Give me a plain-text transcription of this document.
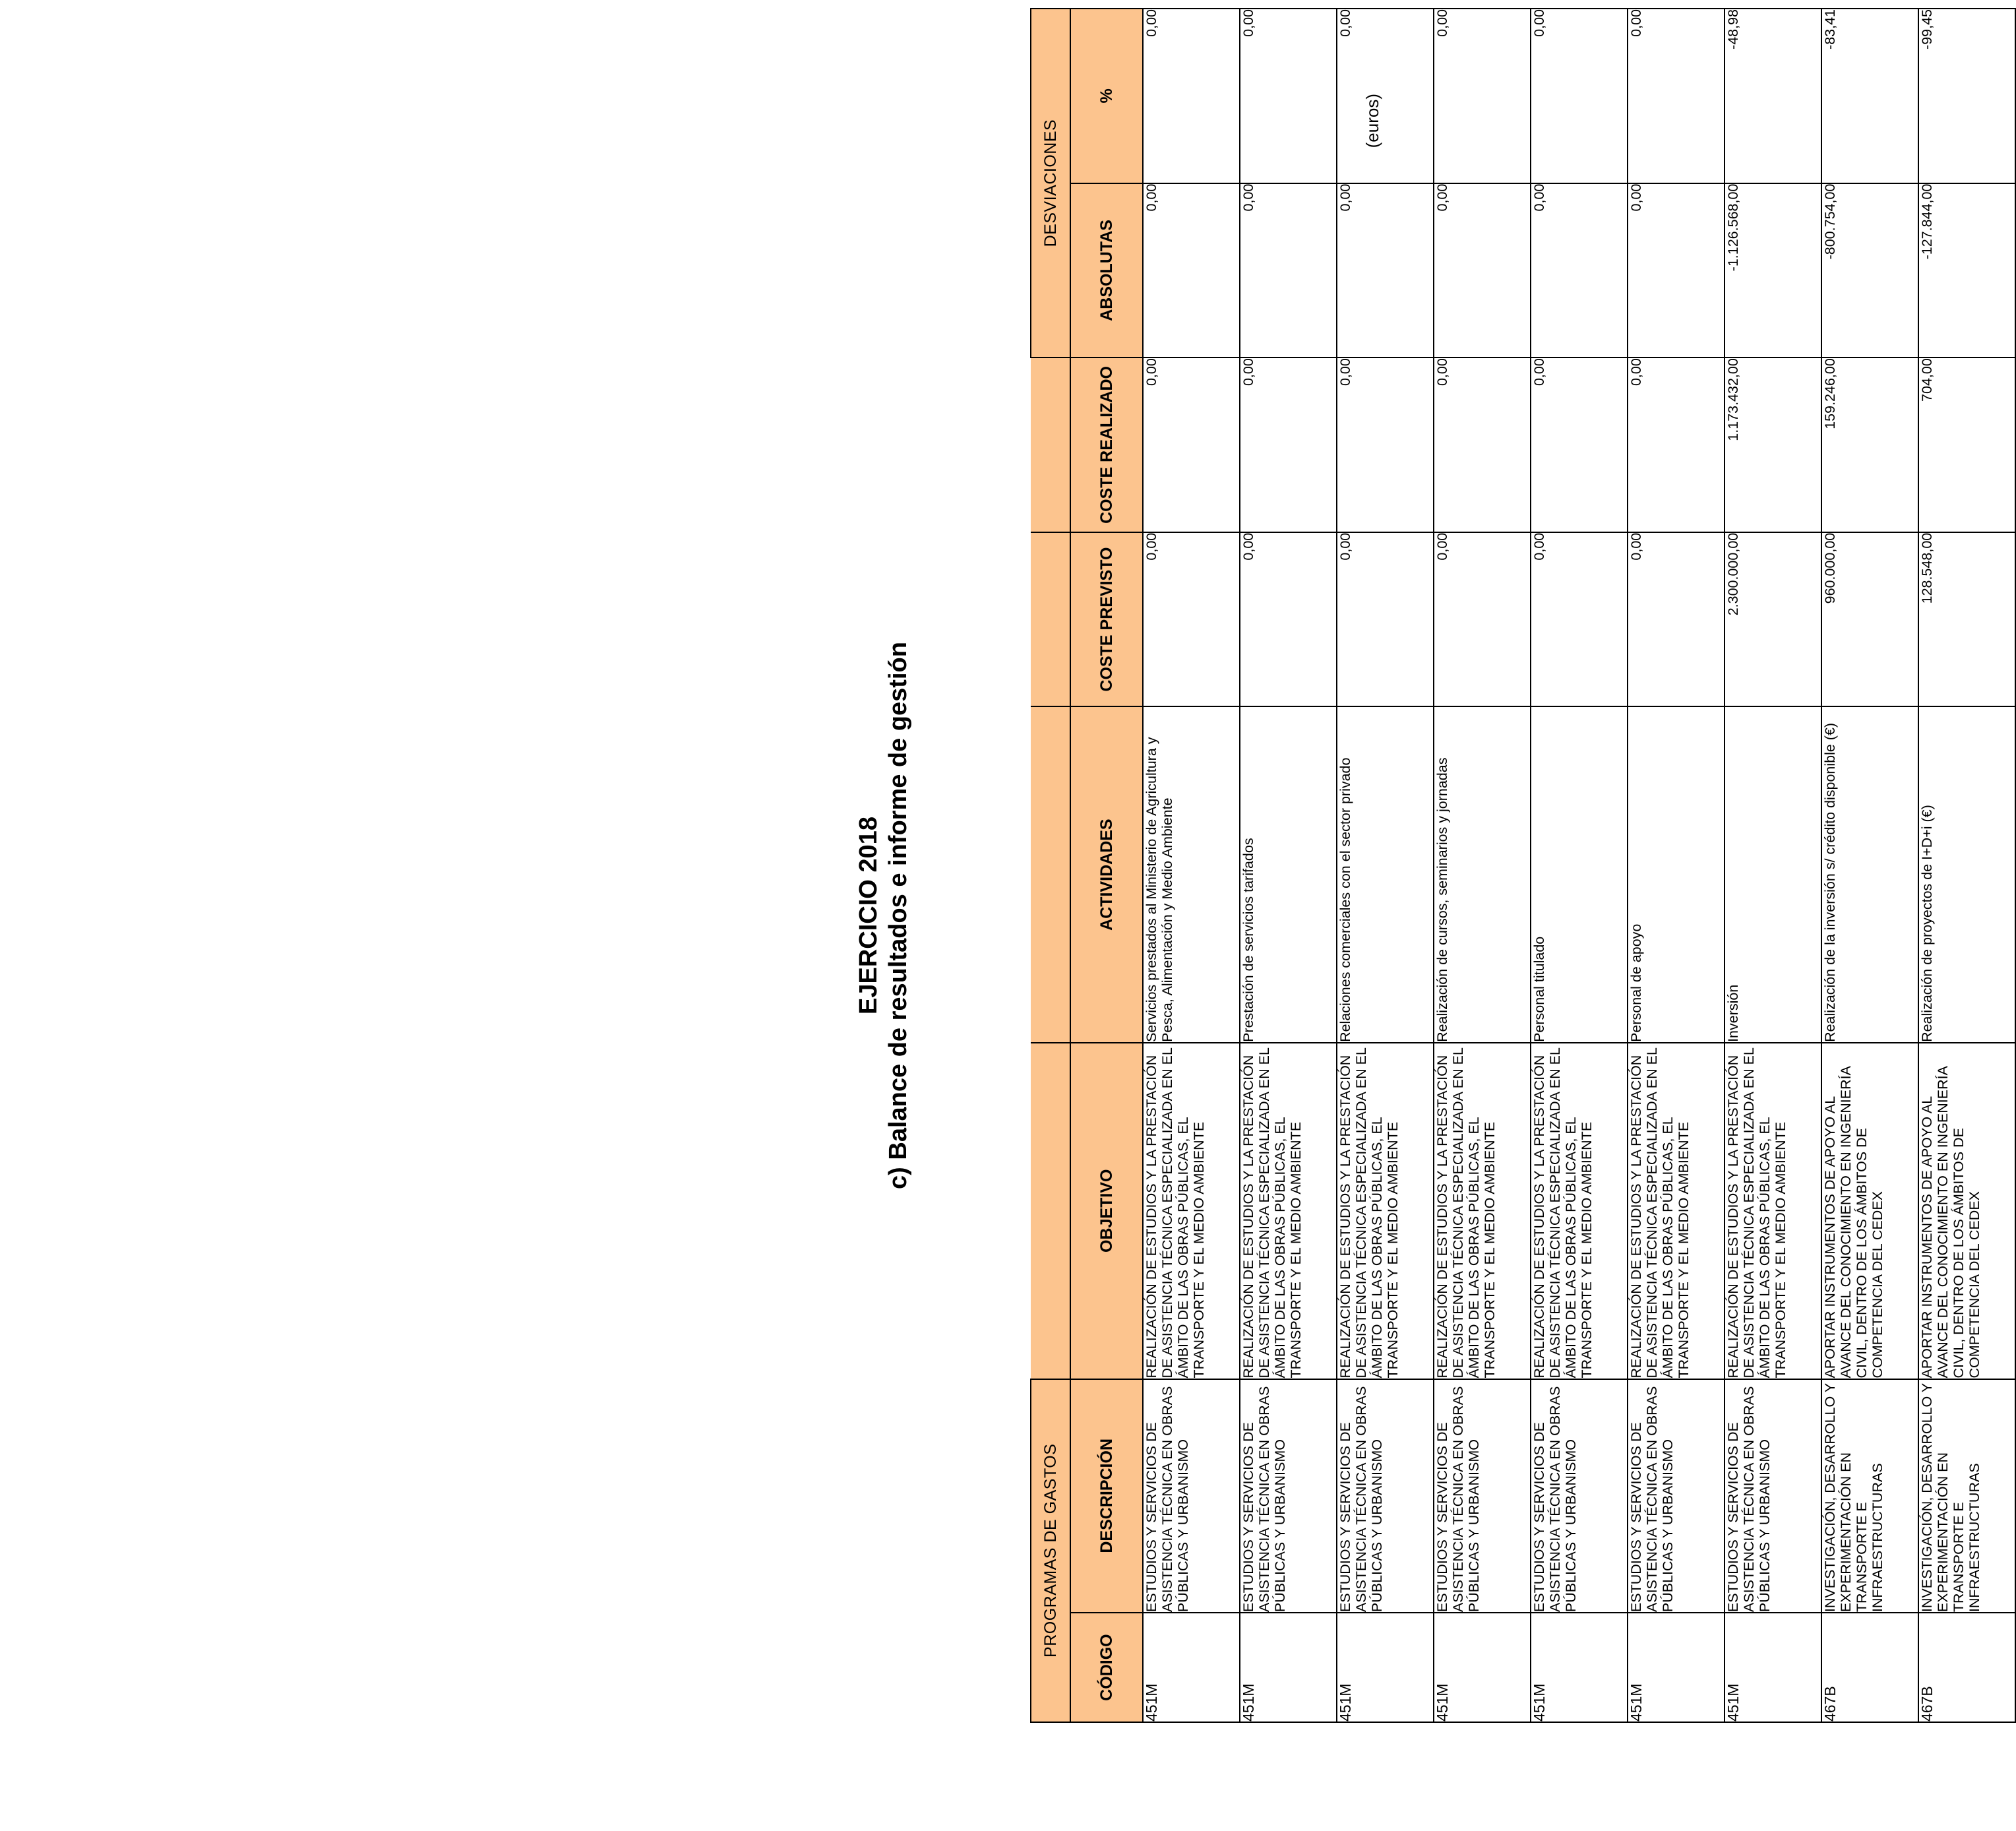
c) Balance de resultados e informe de gestión
EJERCICIO 2018
(euros)
PROGRAMAS DE GASTOS						DESVIACIONES	
CÓDIGO	DESCRIPCIÓN	OBJETIVO	ACTIVIDADES	COSTE PREVISTO	COSTE REALIZADO	ABSOLUTAS	%
451M	ESTUDIOS Y SERVICIOS DE ASISTENCIA TÉCNICA EN OBRAS PÚBLICAS Y URBANISMO	REALIZACIÓN DE ESTUDIOS Y LA PRESTACIÓN DE ASISTENCIA TÉCNICA ESPECIALIZADA EN EL ÁMBITO DE LAS OBRAS PÚBLICAS, EL TRANSPORTE Y EL MEDIO AMBIENTE	Servicios prestados al Ministerio de Agricultura y Pesca, Alimentación y Medio Ambiente	0,00	0,00	0,00	0,00
451M	ESTUDIOS Y SERVICIOS DE ASISTENCIA TÉCNICA EN OBRAS PÚBLICAS Y URBANISMO	REALIZACIÓN DE ESTUDIOS Y LA PRESTACIÓN DE ASISTENCIA TÉCNICA ESPECIALIZADA EN EL ÁMBITO DE LAS OBRAS PÚBLICAS, EL TRANSPORTE Y EL MEDIO AMBIENTE	Prestación de servicios tarifados	0,00	0,00	0,00	0,00
451M	ESTUDIOS Y SERVICIOS DE ASISTENCIA TÉCNICA EN OBRAS PÚBLICAS Y URBANISMO	REALIZACIÓN DE ESTUDIOS Y LA PRESTACIÓN DE ASISTENCIA TÉCNICA ESPECIALIZADA EN EL ÁMBITO DE LAS OBRAS PÚBLICAS, EL TRANSPORTE Y EL MEDIO AMBIENTE	Relaciones comerciales con el sector privado	0,00	0,00	0,00	0,00
451M	ESTUDIOS Y SERVICIOS DE ASISTENCIA TÉCNICA EN OBRAS PÚBLICAS Y URBANISMO	REALIZACIÓN DE ESTUDIOS Y LA PRESTACIÓN DE ASISTENCIA TÉCNICA ESPECIALIZADA EN EL ÁMBITO DE LAS OBRAS PÚBLICAS, EL TRANSPORTE Y EL MEDIO AMBIENTE	Realización de cursos, seminarios y jornadas	0,00	0,00	0,00	0,00
451M	ESTUDIOS Y SERVICIOS DE ASISTENCIA TÉCNICA EN OBRAS PÚBLICAS Y URBANISMO	REALIZACIÓN DE ESTUDIOS Y LA PRESTACIÓN DE ASISTENCIA TÉCNICA ESPECIALIZADA EN EL ÁMBITO DE LAS OBRAS PÚBLICAS, EL TRANSPORTE Y EL MEDIO AMBIENTE	Personal titulado	0,00	0,00	0,00	0,00
451M	ESTUDIOS Y SERVICIOS DE ASISTENCIA TÉCNICA EN OBRAS PÚBLICAS Y URBANISMO	REALIZACIÓN DE ESTUDIOS Y LA PRESTACIÓN DE ASISTENCIA TÉCNICA ESPECIALIZADA EN EL ÁMBITO DE LAS OBRAS PÚBLICAS, EL TRANSPORTE Y EL MEDIO AMBIENTE	Personal de apoyo	0,00	0,00	0,00	0,00
451M	ESTUDIOS Y SERVICIOS DE ASISTENCIA TÉCNICA EN OBRAS PÚBLICAS Y URBANISMO	REALIZACIÓN DE ESTUDIOS Y LA PRESTACIÓN DE ASISTENCIA TÉCNICA ESPECIALIZADA EN EL ÁMBITO DE LAS OBRAS PÚBLICAS, EL TRANSPORTE Y EL MEDIO AMBIENTE	Inversión	2.300.000,00	1.173.432,00	-1.126.568,00	-48,98
467B	INVESTIGACIÓN, DESARROLLO Y EXPERIMENTACIÓN EN TRANSPORTE E INFRAESTRUCTURAS	APORTAR INSTRUMENTOS DE APOYO AL AVANCE DEL CONOCIMIENTO EN INGENIERÍA CIVIL, DENTRO DE LOS ÁMBITOS DE COMPETENCIA DEL CEDEX	Realización de la inversión s/ crédito disponible (€)	960.000,00	159.246,00	-800.754,00	-83,41
467B	INVESTIGACIÓN, DESARROLLO Y EXPERIMENTACIÓN EN TRANSPORTE E INFRAESTRUCTURAS	APORTAR INSTRUMENTOS DE APOYO AL AVANCE DEL CONOCIMIENTO EN INGENIERÍA CIVIL, DENTRO DE LOS ÁMBITOS DE COMPETENCIA DEL CEDEX	Realización de proyectos de I+D+i (€)	128.548,00	704,00	-127.844,00	-99,45
